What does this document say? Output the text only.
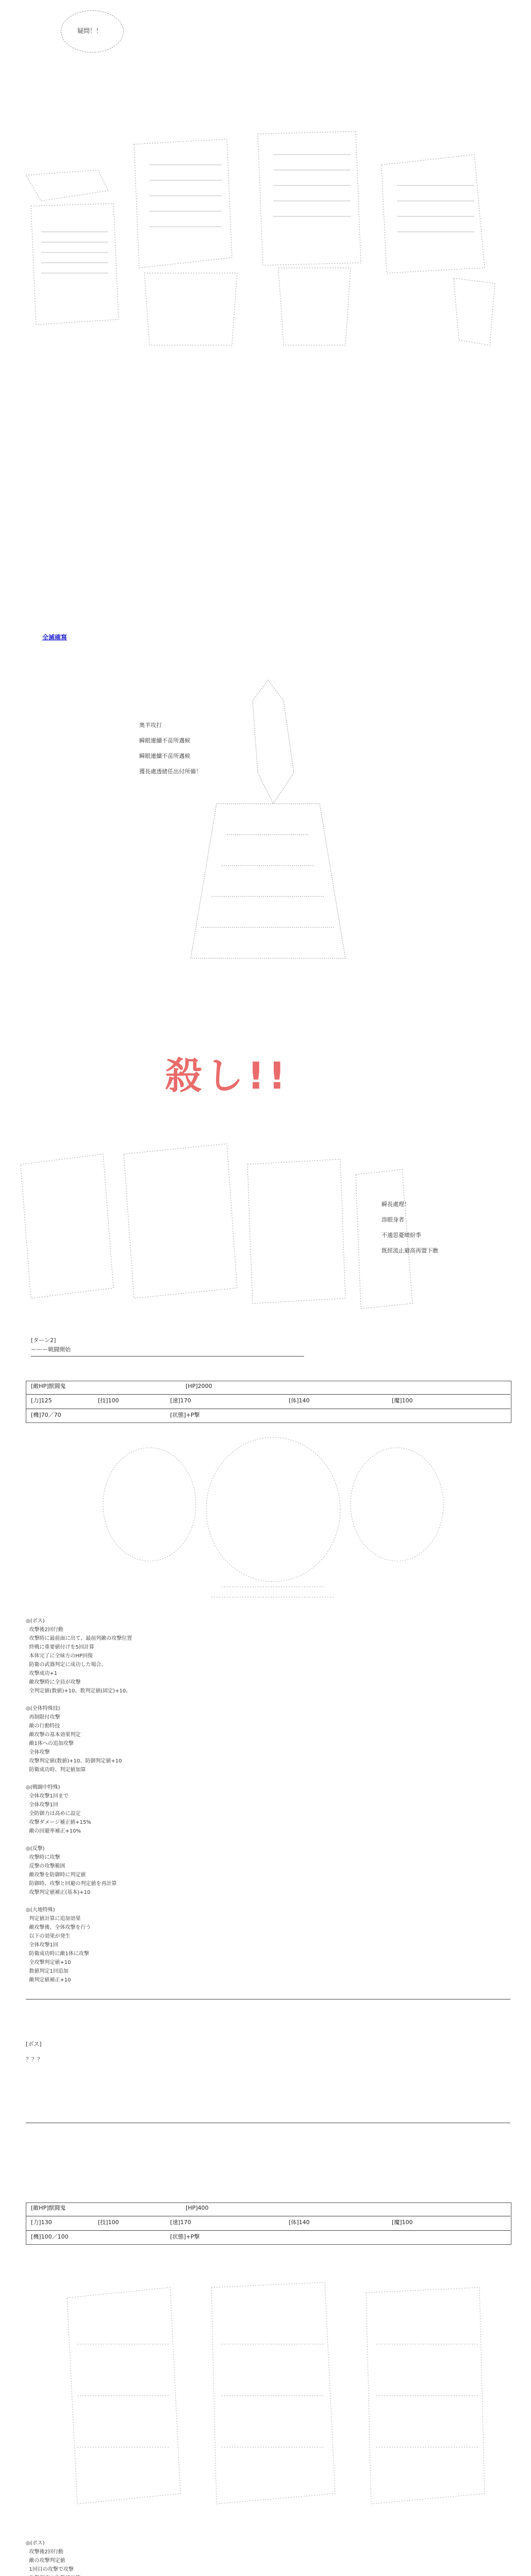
疑問！！
全滅確寫
奥羊攻打
瞬眼連續不苗所邁候
瞬眼連續不苗所邁候
獲長處透緒任出付所備！
殺し!!
瞬長處理！
溶眼身者
不適思憂晴紛季
既經流止避高再盟下瞧
[ターン2]
ーーー戦闘開始
[敵HP]獣闘鬼	[HP]2000
[力]125	[技]100	[速]170	[体]140	[魔]100
[機]70／70	[状態]+P撃
◎(ボス)
攻撃後2回行動
攻撃時に最前面に出て、最前列敵の攻撃位置
終戦に重要値付けを5回計算
本体完了に全味方のHP回復
防衛の武器判定に成功した場合、
攻撃成功+1
敵攻撃時に全員が攻撃
全判定値(数値)+10、数判定値(固定)+10。
◎(全体特殊技)
再制限付攻撃
敵の行動特技
敵攻撃の基本効果判定
敵1体への追加攻撃
全体攻撃
攻撃判定値(数値)+10、防御判定値+10
防衛成功時、判定値加算
◎(戦闘中特殊)
全体攻撃1回まで
全体攻撃1回
全防御力は高めに設定
攻撃ダメージ補正値+15%
敵の回避率補正+10%
◎(反撃)
攻撃時に攻撃
反撃の攻撃範囲
敵攻撃を防御時に判定値
防御時、攻撃と回避の判定値を再計算
攻撃判定値補正(基本)+10
◎(大地特殊)
判定値計算に追加効果
敵攻撃後、全体攻撃を行う
以下の効果が発生
全体攻撃1回
防衛成功時に敵1体に攻撃
全攻撃判定値+10
数値判定1回追加
敵判定値補正+10
[ボス]
？？？
[敵HP]獣闘鬼	[HP]400
[力]130	[技]100	[速]170	[体]140	[魔]100
[機]100／100	[状態]+P撃
◎(ボス)
攻撃後2回行動
敵の攻撃判定値
1回目の攻撃で攻撃
